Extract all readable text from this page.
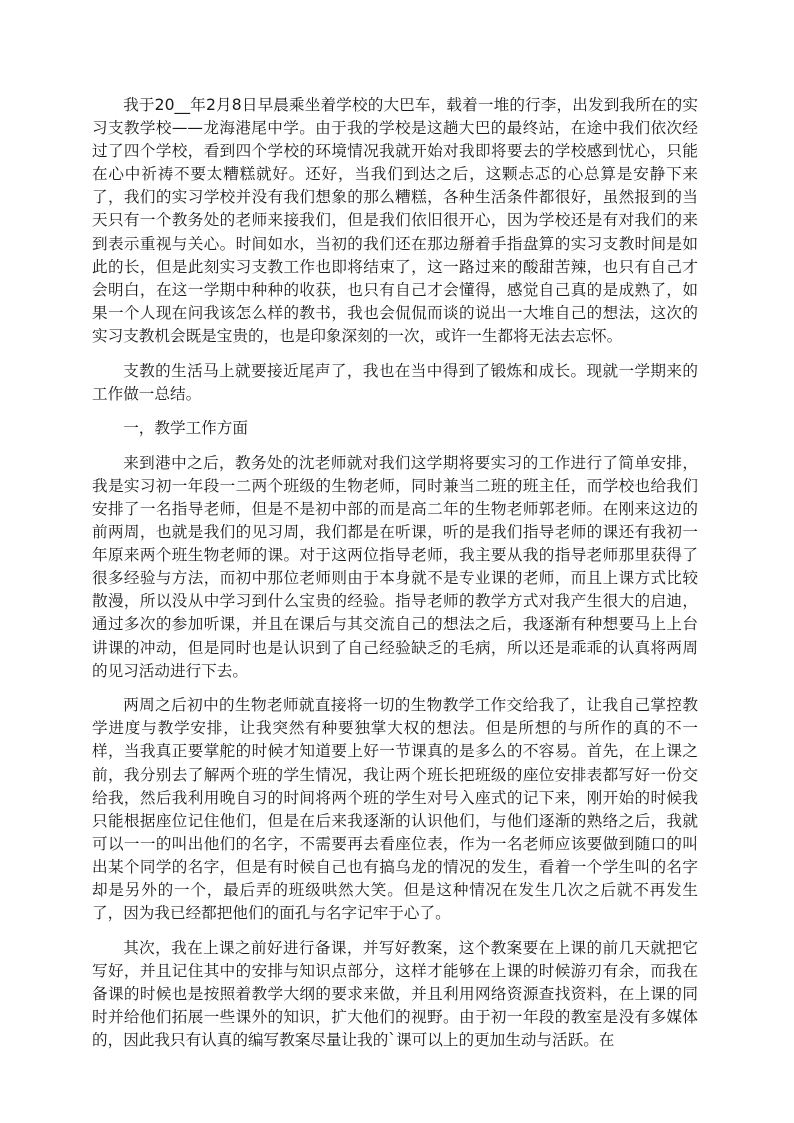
我于20__年2月8日早晨乘坐着学校的大巴车，载着一堆的行李，出发到我所在的实习支教学校——龙海港尾中学。由于我的学校是这趟大巴的最终站，在途中我们依次经过了四个学校，看到四个学校的环境情况我就开始对我即将要去的学校感到忧心，只能在心中祈祷不要太糟糕就好。还好，当我们到达之后，这颗忐忑的心总算是安静下来了，我们的实习学校并没有我们想象的那么糟糕，各种生活条件都很好，虽然报到的当天只有一个教务处的老师来接我们，但是我们依旧很开心，因为学校还是有对我们的来到表示重视与关心。时间如水，当初的我们还在那边掰着手指盘算的实习支教时间是如此的长，但是此刻实习支教工作也即将结束了，这一路过来的酸甜苦辣，也只有自己才会明白，在这一学期中种种的收获，也只有自己才会懂得，感觉自己真的是成熟了，如果一个人现在问我该怎么样的教书，我也会侃侃而谈的说出一大堆自己的想法，这次的实习支教机会既是宝贵的，也是印象深刻的一次，或许一生都将无法去忘怀。

支教的生活马上就要接近尾声了，我也在当中得到了锻炼和成长。现就一学期来的工作做一总结。

一，教学工作方面

来到港中之后，教务处的沈老师就对我们这学期将要实习的工作进行了简单安排，我是实习初一年段一二两个班级的生物老师，同时兼当二班的班主任，而学校也给我们安排了一名指导老师，但是不是初中部的而是高二年的生物老师郭老师。在刚来这边的前两周，也就是我们的见习周，我们都是在听课，听的是我们指导老师的课还有我初一年原来两个班生物老师的课。对于这两位指导老师，我主要从我的指导老师那里获得了很多经验与方法，而初中那位老师则由于本身就不是专业课的老师，而且上课方式比较散漫，所以没从中学习到什么宝贵的经验。指导老师的教学方式对我产生很大的启迪，通过多次的参加听课，并且在课后与其交流自己的想法之后，我逐渐有种想要马上上台讲课的冲动，但是同时也是认识到了自己经验缺乏的毛病，所以还是乖乖的认真将两周的见习活动进行下去。

两周之后初中的生物老师就直接将一切的生物教学工作交给我了，让我自己掌控教学进度与教学安排，让我突然有种要独掌大权的想法。但是所想的与所作的真的不一样，当我真正要掌舵的时候才知道要上好一节课真的是多么的不容易。首先，在上课之前，我分别去了解两个班的学生情况，我让两个班长把班级的座位安排表都写好一份交给我，然后我利用晚自习的时间将两个班的学生对号入座式的记下来，刚开始的时候我只能根据座位记住他们，但是在后来我逐渐的认识他们，与他们逐渐的熟络之后，我就可以一一的叫出他们的名字，不需要再去看座位表，作为一名老师应该要做到随口的叫出某个同学的名字，但是有时候自己也有搞乌龙的情况的发生，看着一个学生叫的名字却是另外的一个，最后弄的班级哄然大笑。但是这种情况在发生几次之后就不再发生了，因为我已经都把他们的面孔与名字记牢于心了。

其次，我在上课之前好进行备课，并写好教案，这个教案要在上课的前几天就把它写好，并且记住其中的安排与知识点部分，这样才能够在上课的时候游刃有余，而我在备课的时候也是按照着教学大纲的要求来做，并且利用网络资源查找资料，在上课的同时并给他们拓展一些课外的知识，扩大他们的视野。由于初一年段的教室是没有多媒体的，因此我只有认真的编写教案尽量让我的`课可以上的更加生动与活跃。在
